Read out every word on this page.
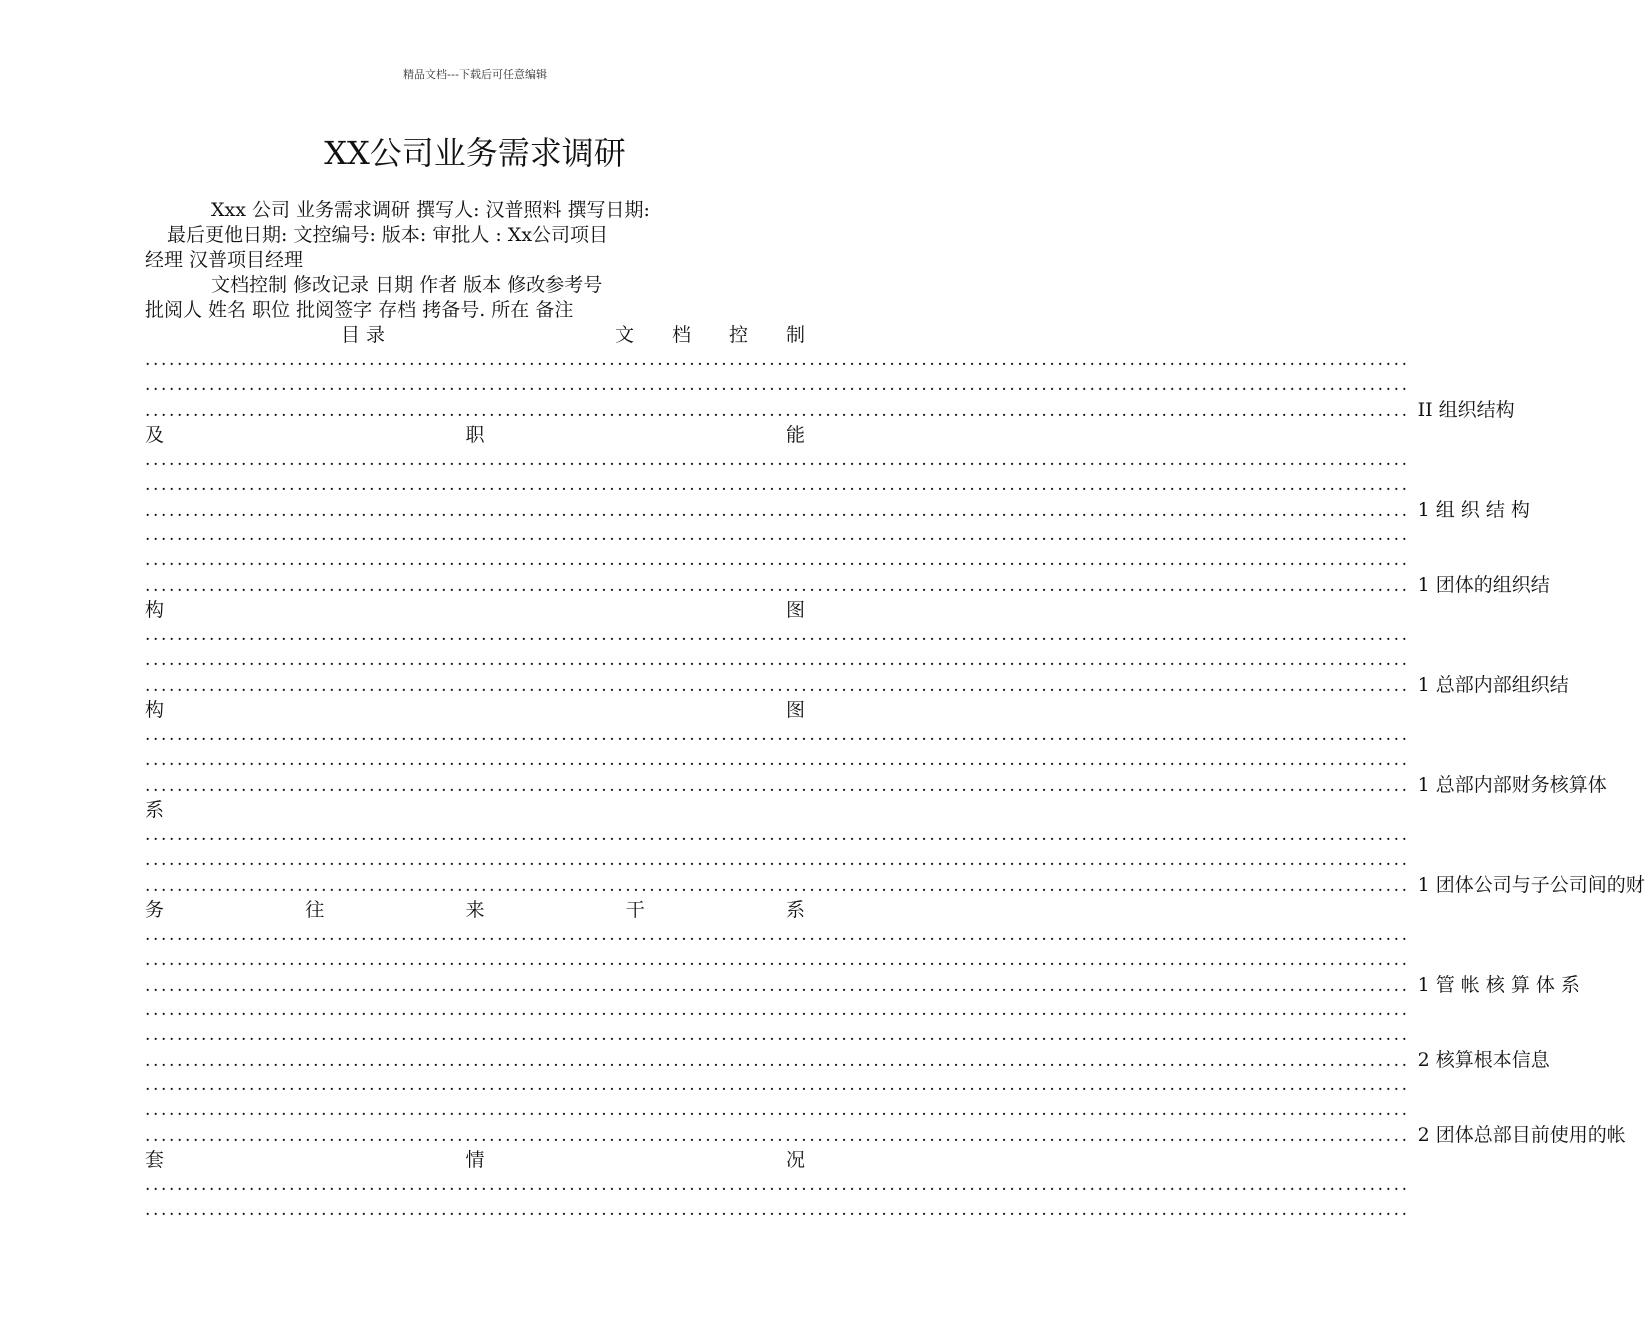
精品文档---下载后可任意编辑
XX公司业务需求调研
Xxx 公司 业务需求调研 撰写人: 汉普照料 撰写日期:
最后更他日期: 文控编号: 版本: 审批人 : Xx公司项目
经理 汉普项目经理
文档控制 修改记录 日期 作者 版本 修改参考号
批阅人 姓名 职位 批阅签字 存档 拷备号. 所在 备注
目 录	文 档 控 制
..............................................................................................................................................................
..............................................................................................................................................................
.............................................................................................................................................................. II 组织结构
及	职	能
..............................................................................................................................................................
..............................................................................................................................................................
.............................................................................................................................................................. 1 组 织 结 构
..............................................................................................................................................................
..............................................................................................................................................................
.............................................................................................................................................................. 1 团体的组织结
构	图
..............................................................................................................................................................
..............................................................................................................................................................
.............................................................................................................................................................. 1 总部内部组织结
构	图
..............................................................................................................................................................
..............................................................................................................................................................
.............................................................................................................................................................. 1 总部内部财务核算体
系
..............................................................................................................................................................
..............................................................................................................................................................
.............................................................................................................................................................. 1 团体公司与子公司间的财
务	往	来	干	系
..............................................................................................................................................................
..............................................................................................................................................................
.............................................................................................................................................................. 1 管 帐 核 算 体 系
..............................................................................................................................................................
..............................................................................................................................................................
.............................................................................................................................................................. 2 核算根本信息
..............................................................................................................................................................
..............................................................................................................................................................
.............................................................................................................................................................. 2 团体总部目前使用的帐
套	情	况
..............................................................................................................................................................
..............................................................................................................................................................
